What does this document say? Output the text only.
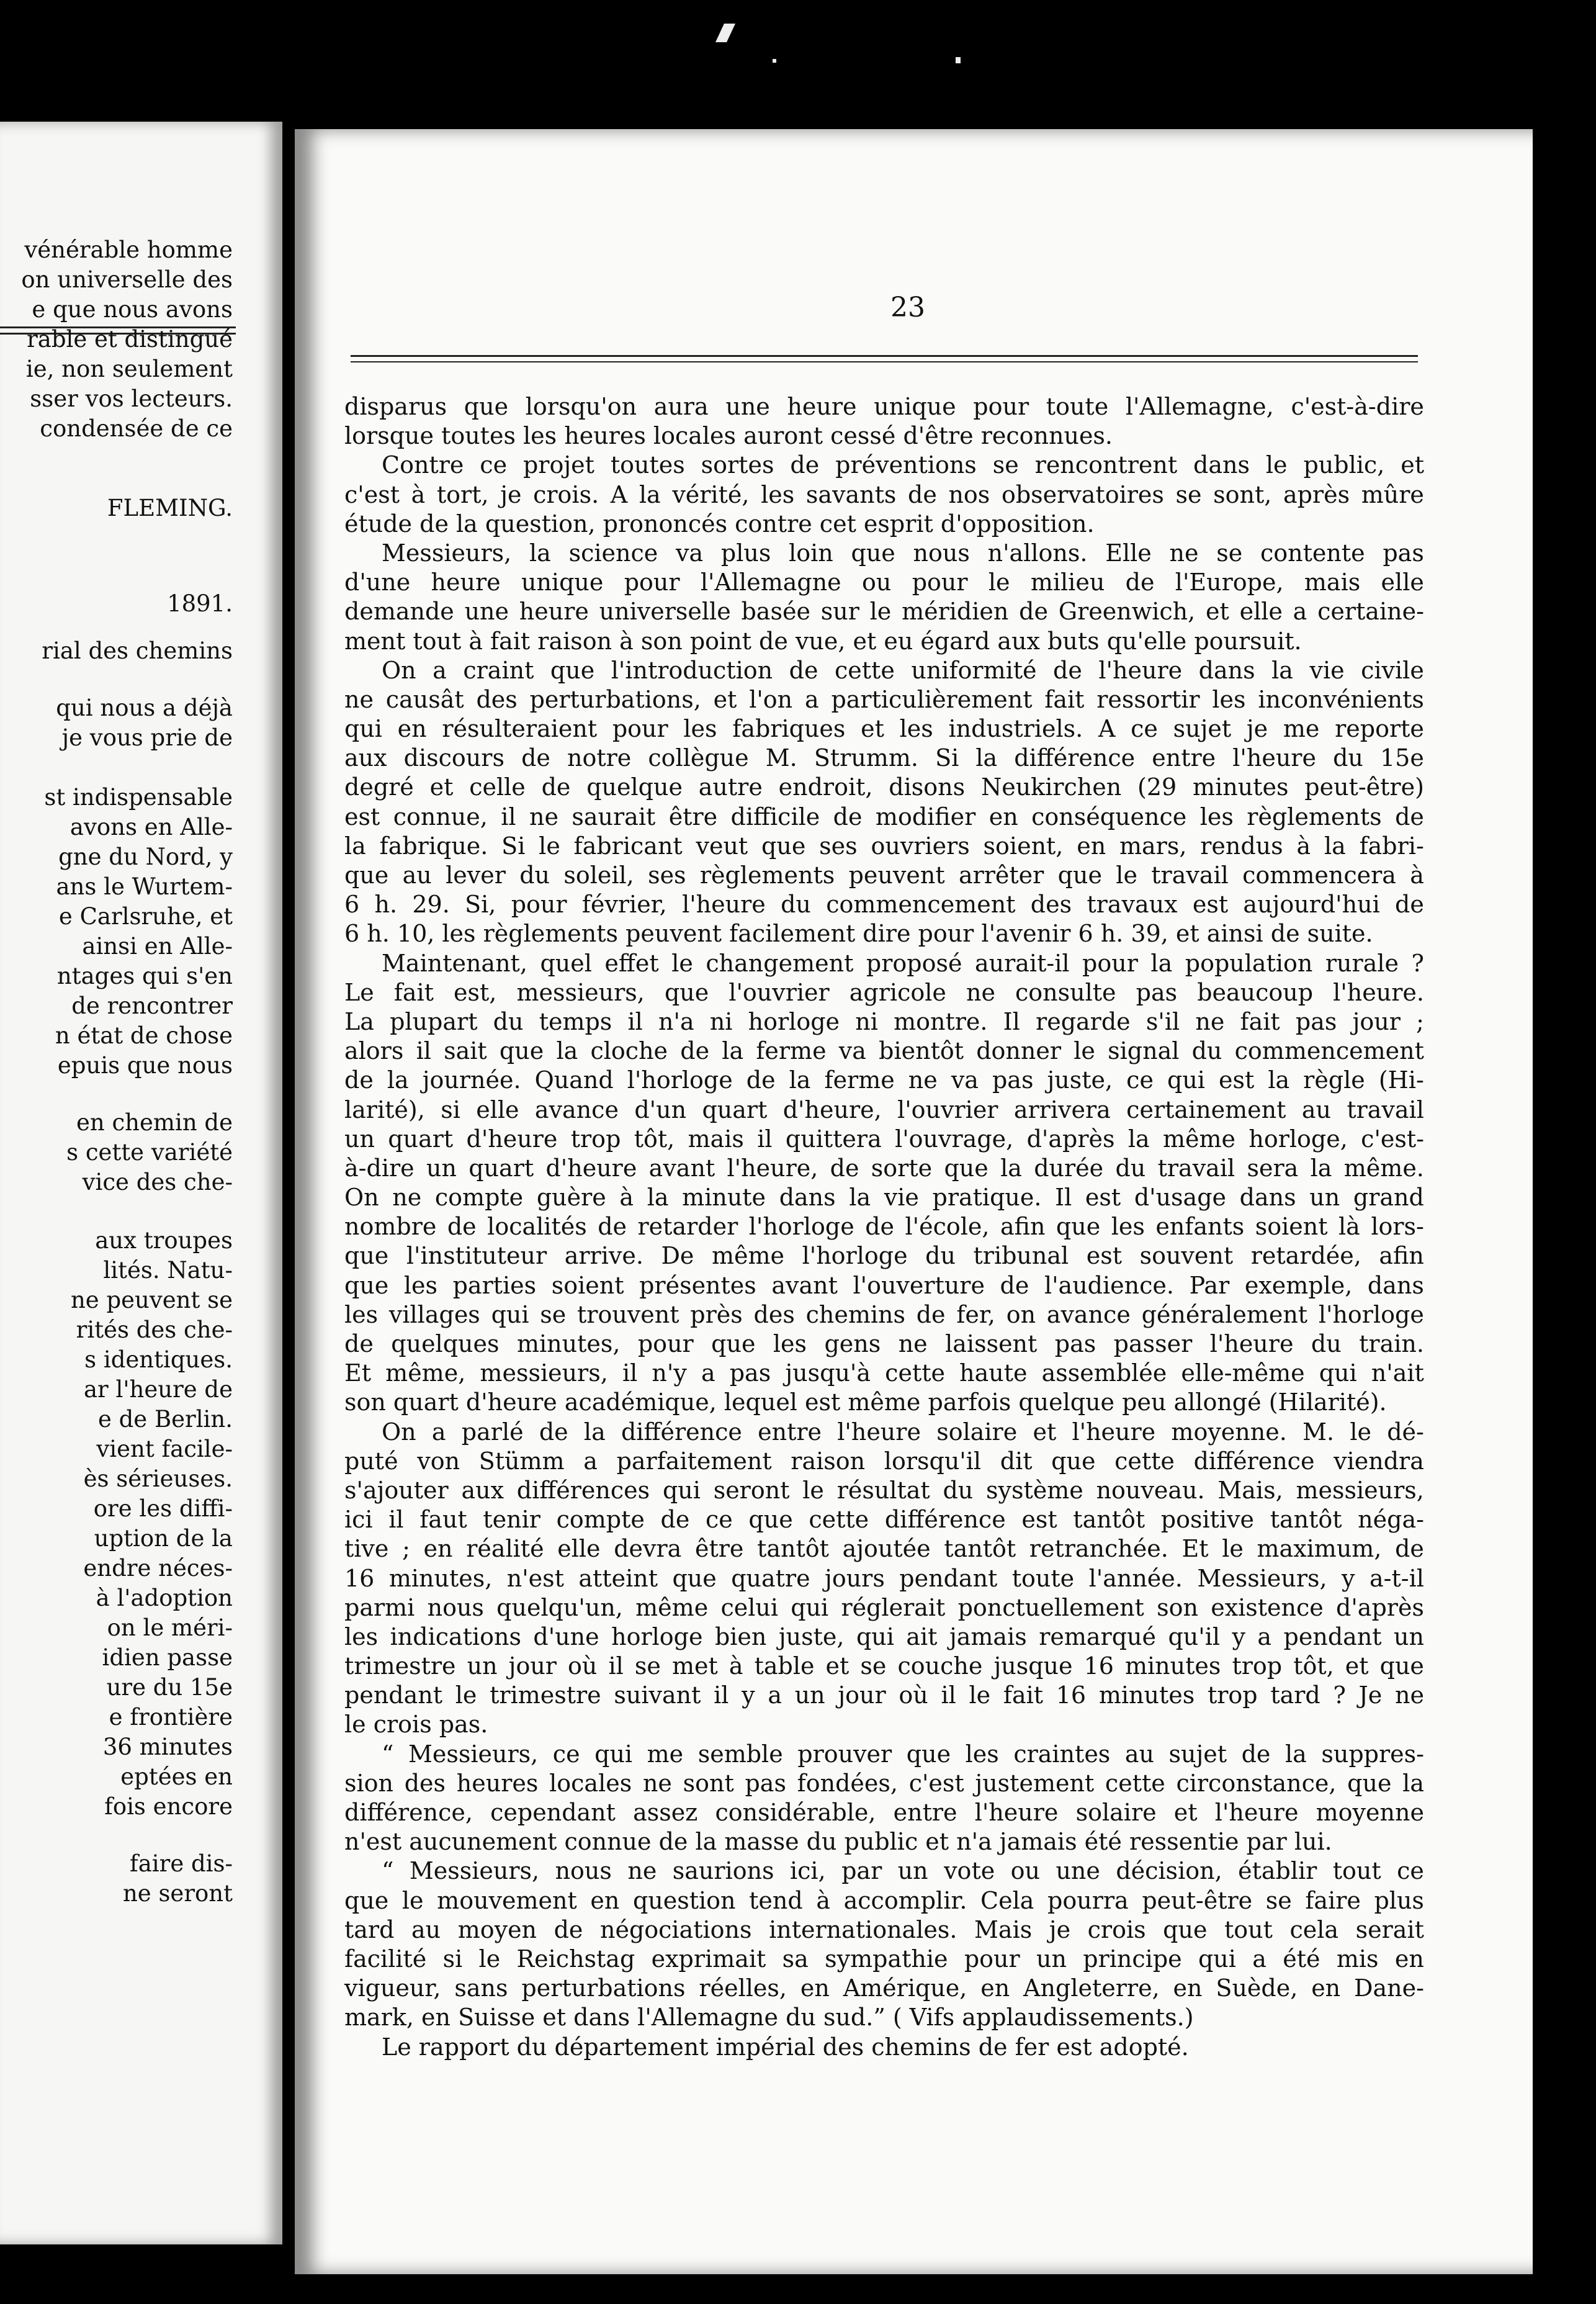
vénérable homme
on universelle des
e que nous avons
rable et distingué
ie, non seulement
sser vos lecteurs.
condensée de ce
FLEMING.
1891.
rial des chemins
qui nous a déjà
je vous prie de
st indispensable
avons en Alle-
gne du Nord, y
ans le Wurtem-
e Carlsruhe, et
ainsi en Alle-
ntages qui s'en
de rencontrer
n état de chose
epuis que nous
en chemin de
s cette variété
vice des che-
aux troupes
lités. Natu-
ne peuvent se
rités des che-
s identiques.
ar l'heure de
e de Berlin.
vient facile-
ès sérieuses.
ore les diffi-
uption de la
endre néces-
à l'adoption
on le méri-
idien passe
ure du 15e
e frontière
36 minutes
eptées en
fois encore
faire dis-
ne seront
23
disparus que lorsqu'on aura une heure unique pour toute l'Allemagne, c'est-à-dire
lorsque toutes les heures locales auront cessé d'être reconnues.
Contre ce projet toutes sortes de préventions se rencontrent dans le public, et
c'est à tort, je crois. A la vérité, les savants de nos observatoires se sont, après mûre
étude de la question, prononcés contre cet esprit d'opposition.
Messieurs, la science va plus loin que nous n'allons. Elle ne se contente pas
d'une heure unique pour l'Allemagne ou pour le milieu de l'Europe, mais elle
demande une heure universelle basée sur le méridien de Greenwich, et elle a certaine-
ment tout à fait raison à son point de vue, et eu égard aux buts qu'elle poursuit.
On a craint que l'introduction de cette uniformité de l'heure dans la vie civile
ne causât des perturbations, et l'on a particulièrement fait ressortir les inconvénients
qui en résulteraient pour les fabriques et les industriels. A ce sujet je me reporte
aux discours de notre collègue M. Strumm. Si la différence entre l'heure du 15e
degré et celle de quelque autre endroit, disons Neukirchen (29 minutes peut-être)
est connue, il ne saurait être difficile de modifier en conséquence les règlements de
la fabrique. Si le fabricant veut que ses ouvriers soient, en mars, rendus à la fabri-
que au lever du soleil, ses règlements peuvent arrêter que le travail commencera à
6 h. 29. Si, pour février, l'heure du commencement des travaux est aujourd'hui de
6 h. 10, les règlements peuvent facilement dire pour l'avenir 6 h. 39, et ainsi de suite.
Maintenant, quel effet le changement proposé aurait-il pour la population rurale ?
Le fait est, messieurs, que l'ouvrier agricole ne consulte pas beaucoup l'heure.
La plupart du temps il n'a ni horloge ni montre. Il regarde s'il ne fait pas jour ;
alors il sait que la cloche de la ferme va bientôt donner le signal du commencement
de la journée. Quand l'horloge de la ferme ne va pas juste, ce qui est la règle (Hi-
larité), si elle avance d'un quart d'heure, l'ouvrier arrivera certainement au travail
un quart d'heure trop tôt, mais il quittera l'ouvrage, d'après la même horloge, c'est-
à-dire un quart d'heure avant l'heure, de sorte que la durée du travail sera la même.
On ne compte guère à la minute dans la vie pratique. Il est d'usage dans un grand
nombre de localités de retarder l'horloge de l'école, afin que les enfants soient là lors-
que l'instituteur arrive. De même l'horloge du tribunal est souvent retardée, afin
que les parties soient présentes avant l'ouverture de l'audience. Par exemple, dans
les villages qui se trouvent près des chemins de fer, on avance généralement l'horloge
de quelques minutes, pour que les gens ne laissent pas passer l'heure du train.
Et même, messieurs, il n'y a pas jusqu'à cette haute assemblée elle-même qui n'ait
son quart d'heure académique, lequel est même parfois quelque peu allongé (Hilarité).
On a parlé de la différence entre l'heure solaire et l'heure moyenne. M. le dé-
puté von Stümm a parfaitement raison lorsqu'il dit que cette différence viendra
s'ajouter aux différences qui seront le résultat du système nouveau. Mais, messieurs,
ici il faut tenir compte de ce que cette différence est tantôt positive tantôt néga-
tive ; en réalité elle devra être tantôt ajoutée tantôt retranchée. Et le maximum, de
16 minutes, n'est atteint que quatre jours pendant toute l'année. Messieurs, y a-t-il
parmi nous quelqu'un, même celui qui réglerait ponctuellement son existence d'après
les indications d'une horloge bien juste, qui ait jamais remarqué qu'il y a pendant un
trimestre un jour où il se met à table et se couche jusque 16 minutes trop tôt, et que
pendant le trimestre suivant il y a un jour où il le fait 16 minutes trop tard ? Je ne
le crois pas.
“ Messieurs, ce qui me semble prouver que les craintes au sujet de la suppres-
sion des heures locales ne sont pas fondées, c'est justement cette circonstance, que la
différence, cependant assez considérable, entre l'heure solaire et l'heure moyenne
n'est aucunement connue de la masse du public et n'a jamais été ressentie par lui.
“ Messieurs, nous ne saurions ici, par un vote ou une décision, établir tout ce
que le mouvement en question tend à accomplir. Cela pourra peut-être se faire plus
tard au moyen de négociations internationales. Mais je crois que tout cela serait
facilité si le Reichstag exprimait sa sympathie pour un principe qui a été mis en
vigueur, sans perturbations réelles, en Amérique, en Angleterre, en Suède, en Dane-
mark, en Suisse et dans l'Allemagne du sud.” ( Vifs applaudissements.)
Le rapport du département impérial des chemins de fer est adopté.
